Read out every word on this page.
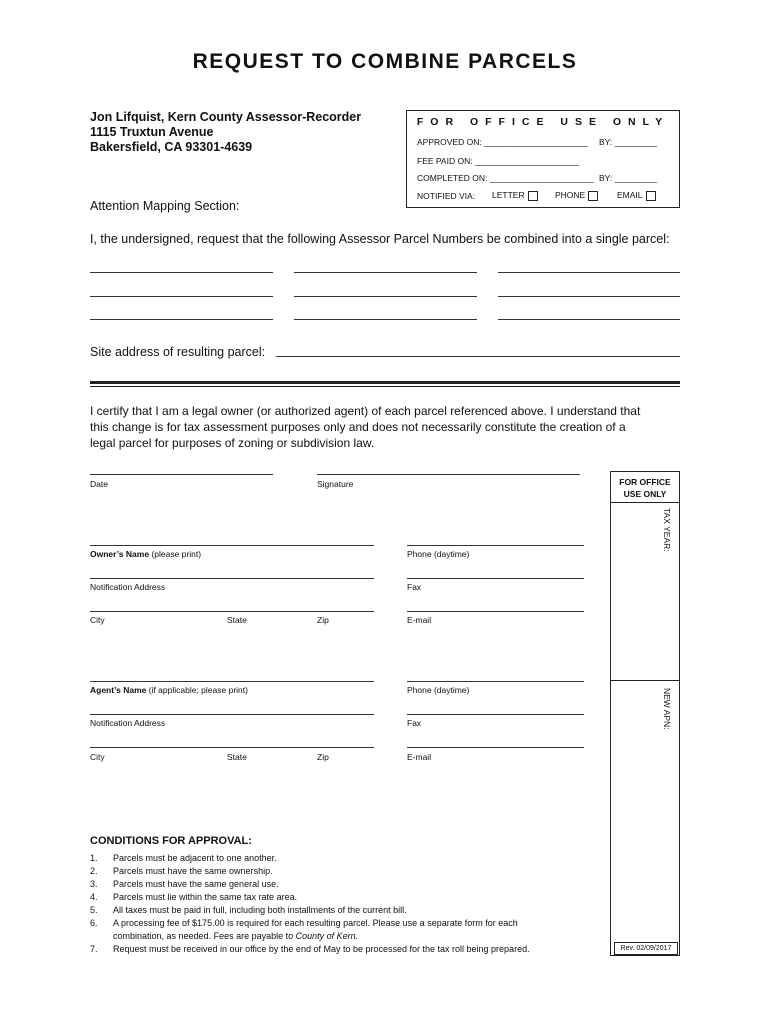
REQUEST TO COMBINE PARCELS
Jon Lifquist, Kern County Assessor-Recorder
1115 Truxtun Avenue
Bakersfield, CA 93301-4639
FOR OFFICE USE ONLY
APPROVED ON: ______________________ BY: _________
FEE PAID ON: ______________________
COMPLETED ON: ______________________ BY: _________
NOTIFIED VIA: LETTER	PHONE	EMAIL
Attention Mapping Section:
I, the undersigned, request that the following Assessor Parcel Numbers be combined into a single parcel:
Site address of resulting parcel:
I certify that I am a legal owner (or authorized agent) of each parcel referenced above. I understand that
this change is for tax assessment purposes only and does not necessarily constitute the creation of a
legal parcel for purposes of zoning or subdivision law.
Date	Signature	FOR OFFICE
USE ONLY
TAX YEAR:
NEW APN:
Owner’s Name (please print)	Phone (daytime)
Notification Address	Fax
City	State	Zip	E-mail
Agent’s Name (if applicable; please print)	Phone (daytime)
Notification Address	Fax
City	State	Zip	E-mail
CONDITIONS FOR APPROVAL:
1. Parcels must be adjacent to one another.
2. Parcels must have the same ownership.
3. Parcels must have the same general use.
4. Parcels must lie within the same tax rate area.
5. All taxes must be paid in full, including both installments of the current bill.
6. A processing fee of $175.00 is required for each resulting parcel. Please use a separate form for each
combination, as needed. Fees are payable to County of Kern.
7. Request must be received in our office by the end of May to be processed for the tax roll being prepared.	Rev. 02/09/2017
